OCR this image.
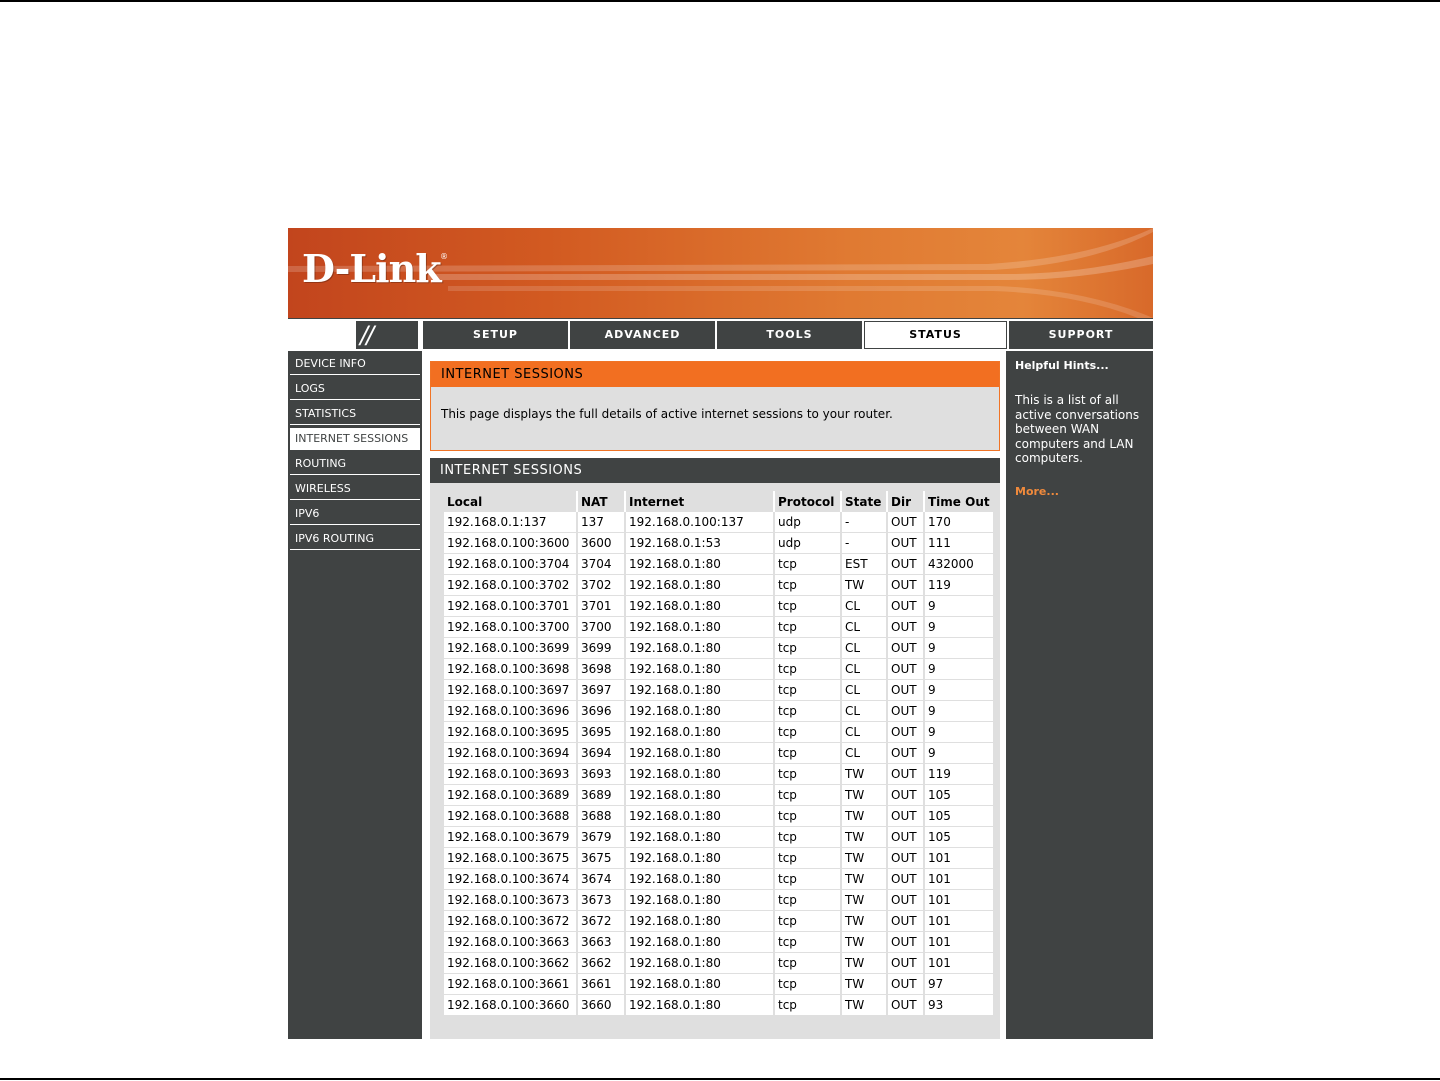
D-Link ®
//	SETUP	ADVANCED	TOOLS	STATUS	SUPPORT
DEVICE INFO
LOGS
STATISTICS
INTERNET SESSIONS
ROUTING
WIRELESS
IPV6
IPV6 ROUTING
INTERNET SESSIONS
This page displays the full details of active internet sessions to your router.
INTERNET SESSIONS
Local	NAT	Internet	Protocol	State	Dir	Time Out
192.168.0.1:137	137	192.168.0.100:137	udp	-	OUT	170
192.168.0.100:3600	3600	192.168.0.1:53	udp	-	OUT	111
192.168.0.100:3704	3704	192.168.0.1:80	tcp	EST	OUT	432000
192.168.0.100:3702	3702	192.168.0.1:80	tcp	TW	OUT	119
192.168.0.100:3701	3701	192.168.0.1:80	tcp	CL	OUT	9
192.168.0.100:3700	3700	192.168.0.1:80	tcp	CL	OUT	9
192.168.0.100:3699	3699	192.168.0.1:80	tcp	CL	OUT	9
192.168.0.100:3698	3698	192.168.0.1:80	tcp	CL	OUT	9
192.168.0.100:3697	3697	192.168.0.1:80	tcp	CL	OUT	9
192.168.0.100:3696	3696	192.168.0.1:80	tcp	CL	OUT	9
192.168.0.100:3695	3695	192.168.0.1:80	tcp	CL	OUT	9
192.168.0.100:3694	3694	192.168.0.1:80	tcp	CL	OUT	9
192.168.0.100:3693	3693	192.168.0.1:80	tcp	TW	OUT	119
192.168.0.100:3689	3689	192.168.0.1:80	tcp	TW	OUT	105
192.168.0.100:3688	3688	192.168.0.1:80	tcp	TW	OUT	105
192.168.0.100:3679	3679	192.168.0.1:80	tcp	TW	OUT	105
192.168.0.100:3675	3675	192.168.0.1:80	tcp	TW	OUT	101
192.168.0.100:3674	3674	192.168.0.1:80	tcp	TW	OUT	101
192.168.0.100:3673	3673	192.168.0.1:80	tcp	TW	OUT	101
192.168.0.100:3672	3672	192.168.0.1:80	tcp	TW	OUT	101
192.168.0.100:3663	3663	192.168.0.1:80	tcp	TW	OUT	101
192.168.0.100:3662	3662	192.168.0.1:80	tcp	TW	OUT	101
192.168.0.100:3661	3661	192.168.0.1:80	tcp	TW	OUT	97
192.168.0.100:3660	3660	192.168.0.1:80	tcp	TW	OUT	93
Helpful Hints...
This is a list of all active conversations between WAN computers and LAN computers.
More...
